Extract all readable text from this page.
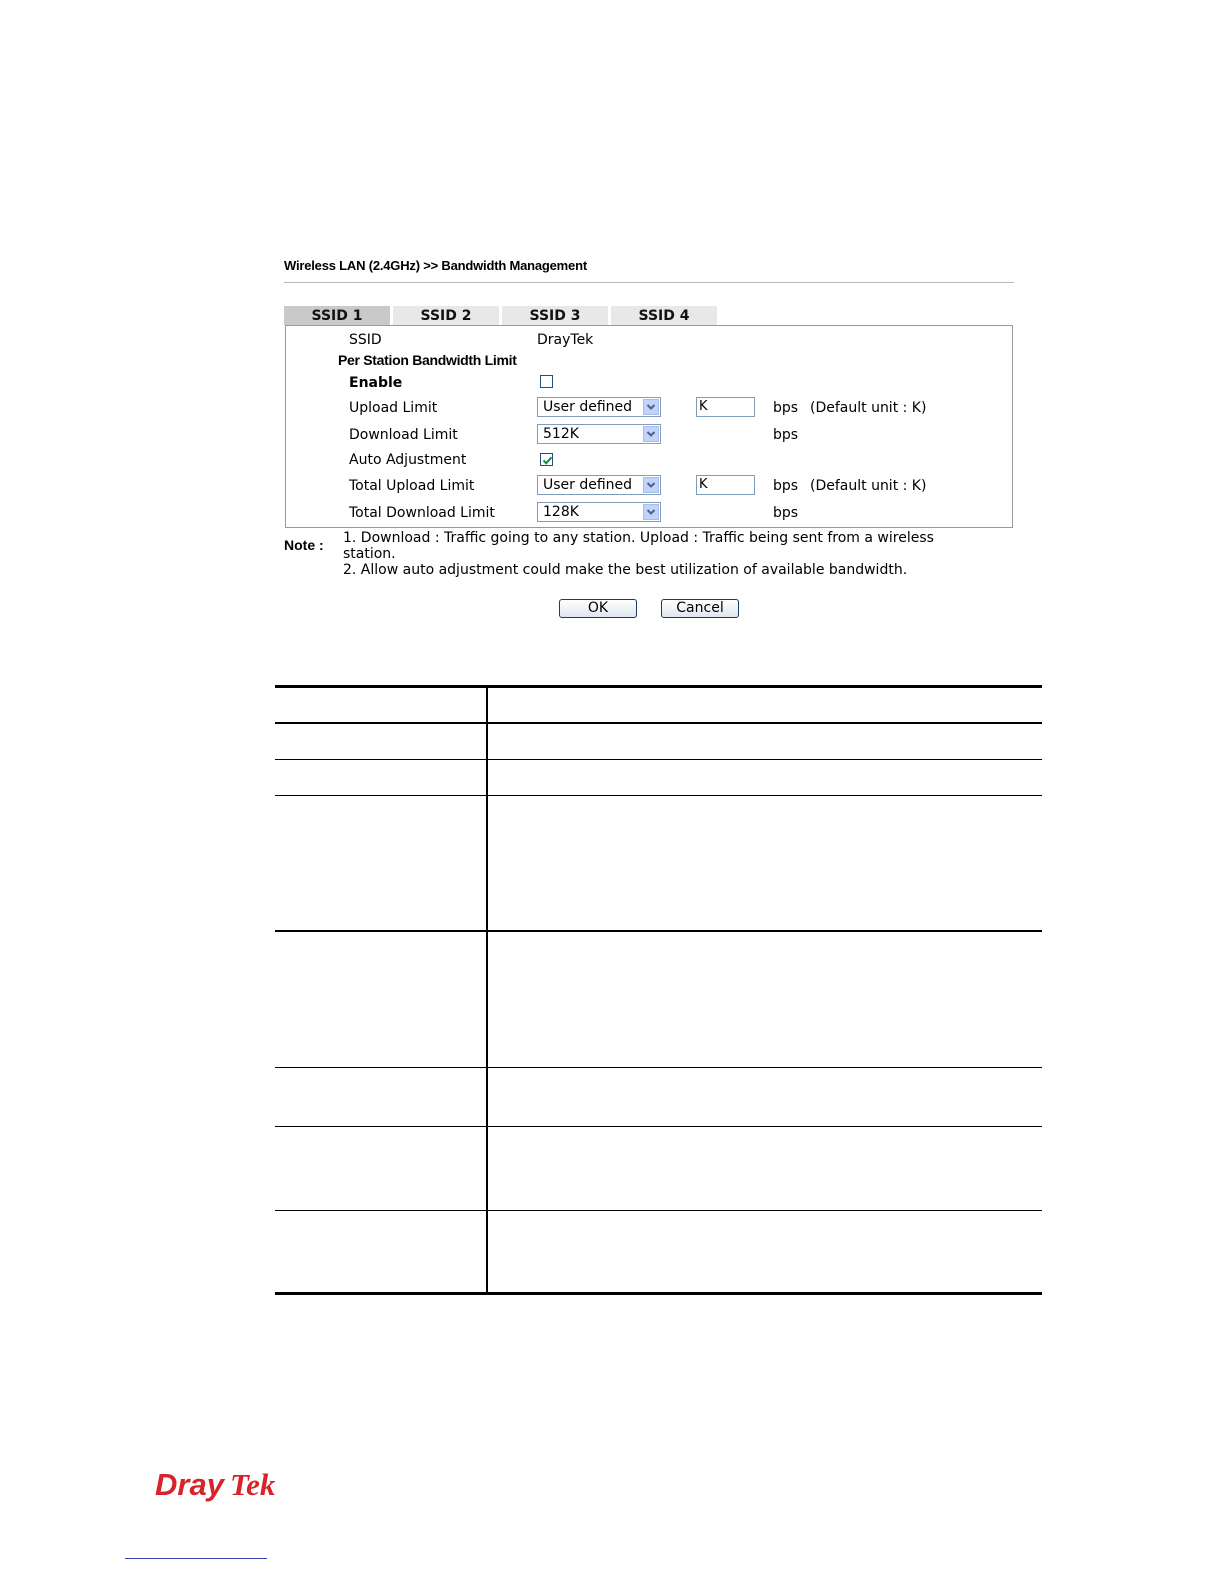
Wireless LAN (2.4GHz) >> Bandwidth Management
SSID 1	SSID 2	SSID 3	SSID 4
SSID	DrayTek
Per Station Bandwidth Limit
Enable
Upload Limit	User defined	K	bps (Default unit : K)
Download Limit	512K	bps
Auto Adjustment
Total Upload Limit	User defined	K	bps (Default unit : K)
Total Download Limit	128K	bps
Note : 1. Download : Traffic going to any station. Upload : Traffic being sent from a wireless
station.
2. Allow auto adjustment could make the best utilization of available bandwidth.
OK	Cancel
Dray Tek
